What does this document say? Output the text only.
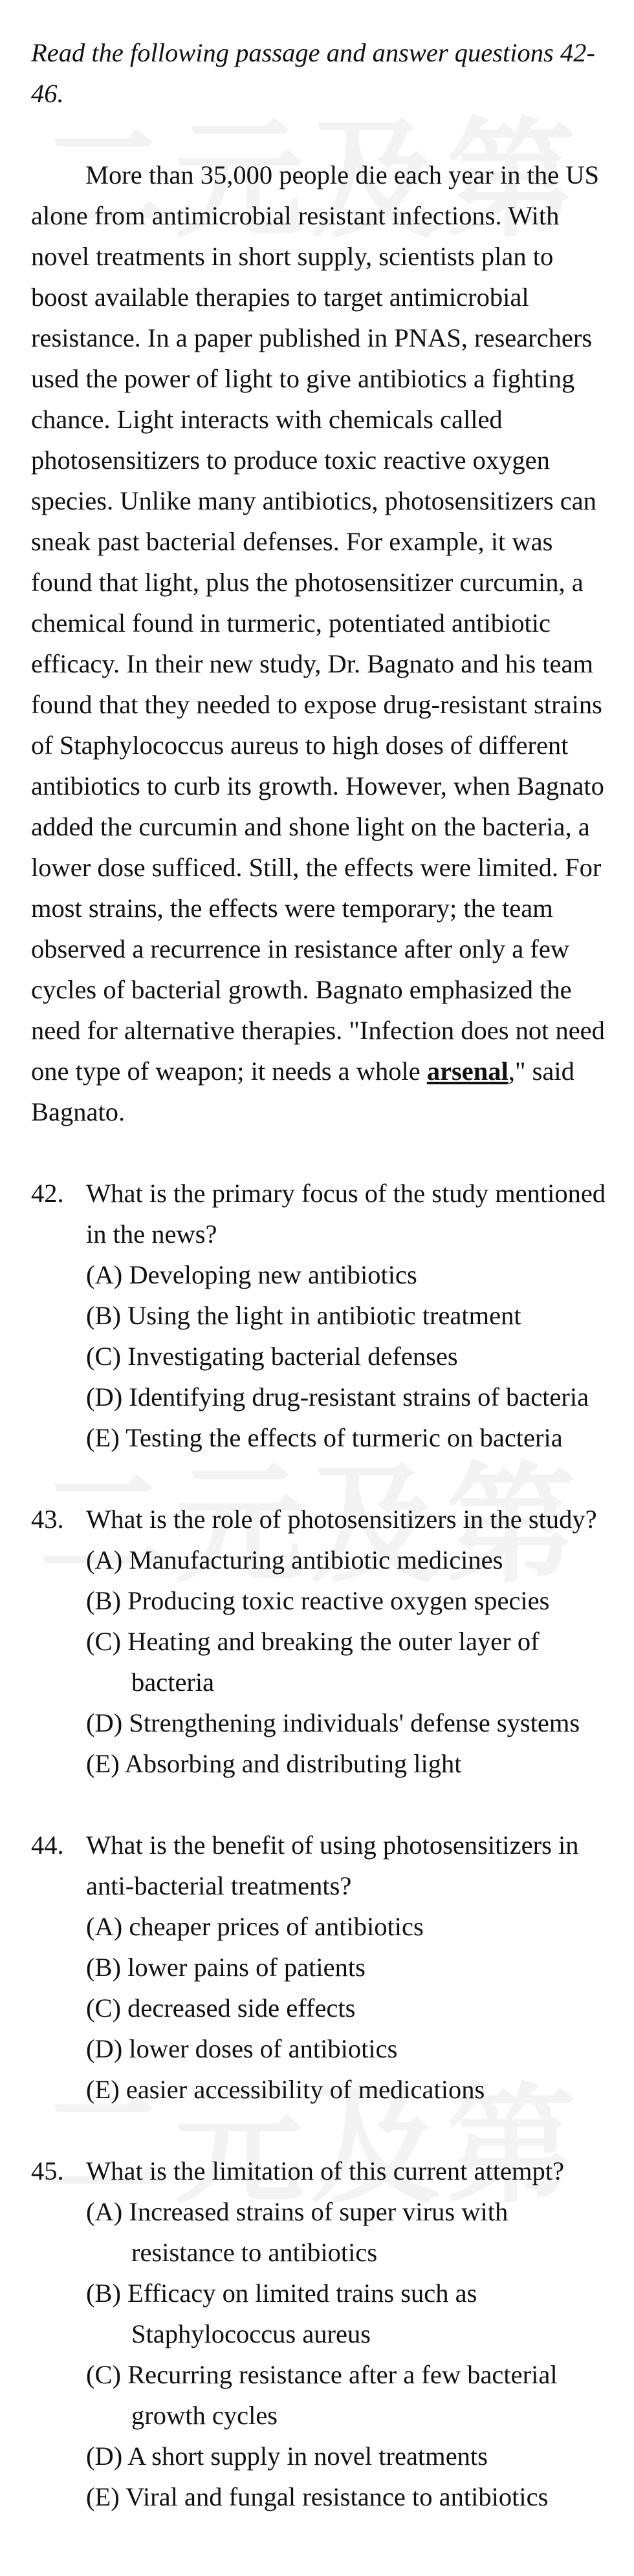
Read the following passage and answer questions 42-46.

More than 35,000 people die each year in the US alone from antimicrobial resistant infections. With novel treatments in short supply, scientists plan to boost available therapies to target antimicrobial resistance. In a paper published in PNAS, researchers used the power of light to give antibiotics a fighting chance. Light interacts with chemicals called photosensitizers to produce toxic reactive oxygen species. Unlike many antibiotics, photosensitizers can sneak past bacterial defenses. For example, it was found that light, plus the photosensitizer curcumin, a chemical found in turmeric, potentiated antibiotic efficacy. In their new study, Dr. Bagnato and his team found that they needed to expose drug-resistant strains of Staphylococcus aureus to high doses of different antibiotics to curb its growth. However, when Bagnato added the curcumin and shone light on the bacteria, a lower dose sufficed. Still, the effects were limited. For most strains, the effects were temporary; the team observed a recurrence in resistance after only a few cycles of bacterial growth. Bagnato emphasized the need for alternative therapies. "Infection does not need one type of weapon; it needs a whole arsenal," said Bagnato.

42. What is the primary focus of the study mentioned in the news?

(A) Developing new antibiotics
(B) Using the light in antibiotic treatment
(C) Investigating bacterial defenses
(D) Identifying drug-resistant strains of bacteria
(E) Testing the effects of turmeric on bacteria
43. What is the role of photosensitizers in the study?

(A) Manufacturing antibiotic medicines
(B) Producing toxic reactive oxygen species
(C) Heating and breaking the outer layer of bacteria
(D) Strengthening individuals' defense systems
(E) Absorbing and distributing light
44. What is the benefit of using photosensitizers in anti-bacterial treatments?

(A) cheaper prices of antibiotics
(B) lower pains of patients
(C) decreased side effects
(D) lower doses of antibiotics
(E) easier accessibility of medications
45. What is the limitation of this current attempt?

(A) Increased strains of super virus with resistance to antibiotics
(B) Efficacy on limited trains such as Staphylococcus aureus
(C) Recurring resistance after a few bacterial growth cycles
(D) A short supply in novel treatments
(E) Viral and fungal resistance to antibiotics
